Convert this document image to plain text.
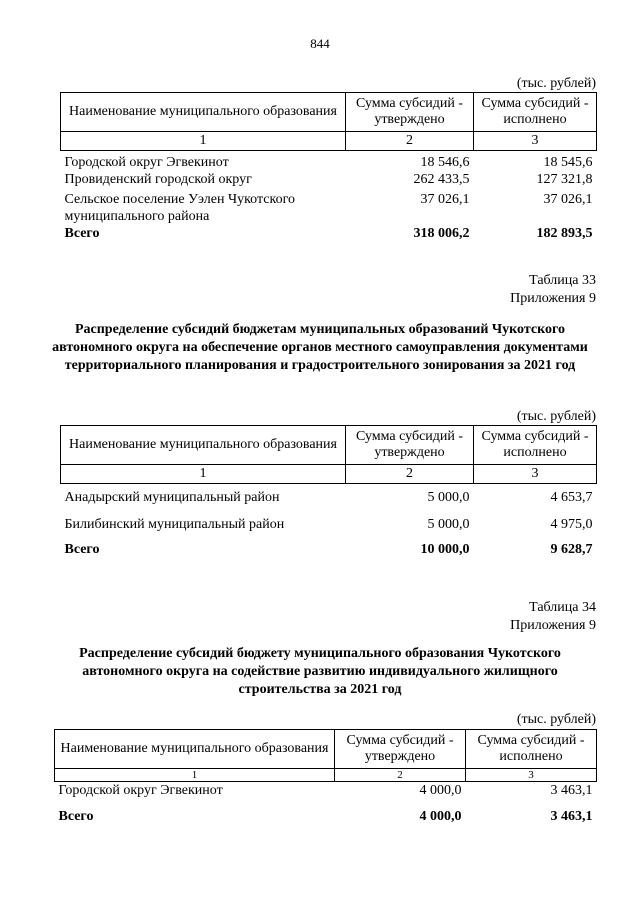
844
(тыс. рублей)
Наименование муниципального образования	Сумма субсидий - утверждено	Сумма субсидий - исполнено
1	2	3
Городской округ Эгвекинот	18 546,6	18 545,6
Провиденский городской округ	262 433,5	127 321,8
Сельское поселение Уэлен Чукотского муниципального района	37 026,1	37 026,1
Всего	318 006,2	182 893,5
Таблица 33
Приложения 9
Распределение субсидий бюджетам муниципальных образований Чукотского автономного округа на обеспечение органов местного самоуправления документами территориального планирования и градостроительного зонирования за 2021 год
(тыс. рублей)
Наименование муниципального образования	Сумма субсидий - утверждено	Сумма субсидий - исполнено
1	2	3
Анадырский муниципальный район	5 000,0	4 653,7
Билибинский муниципальный район	5 000,0	4 975,0
Всего	10 000,0	9 628,7
Таблица 34
Приложения 9
Распределение субсидий бюджету муниципального образования Чукотского автономного округа на содействие развитию индивидуального жилищного строительства за 2021 год
(тыс. рублей)
Наименование муниципального образования	Сумма субсидий - утверждено	Сумма субсидий - исполнено
1	2	3
Городской округ Эгвекинот	4 000,0	3 463,1
Всего	4 000,0	3 463,1
